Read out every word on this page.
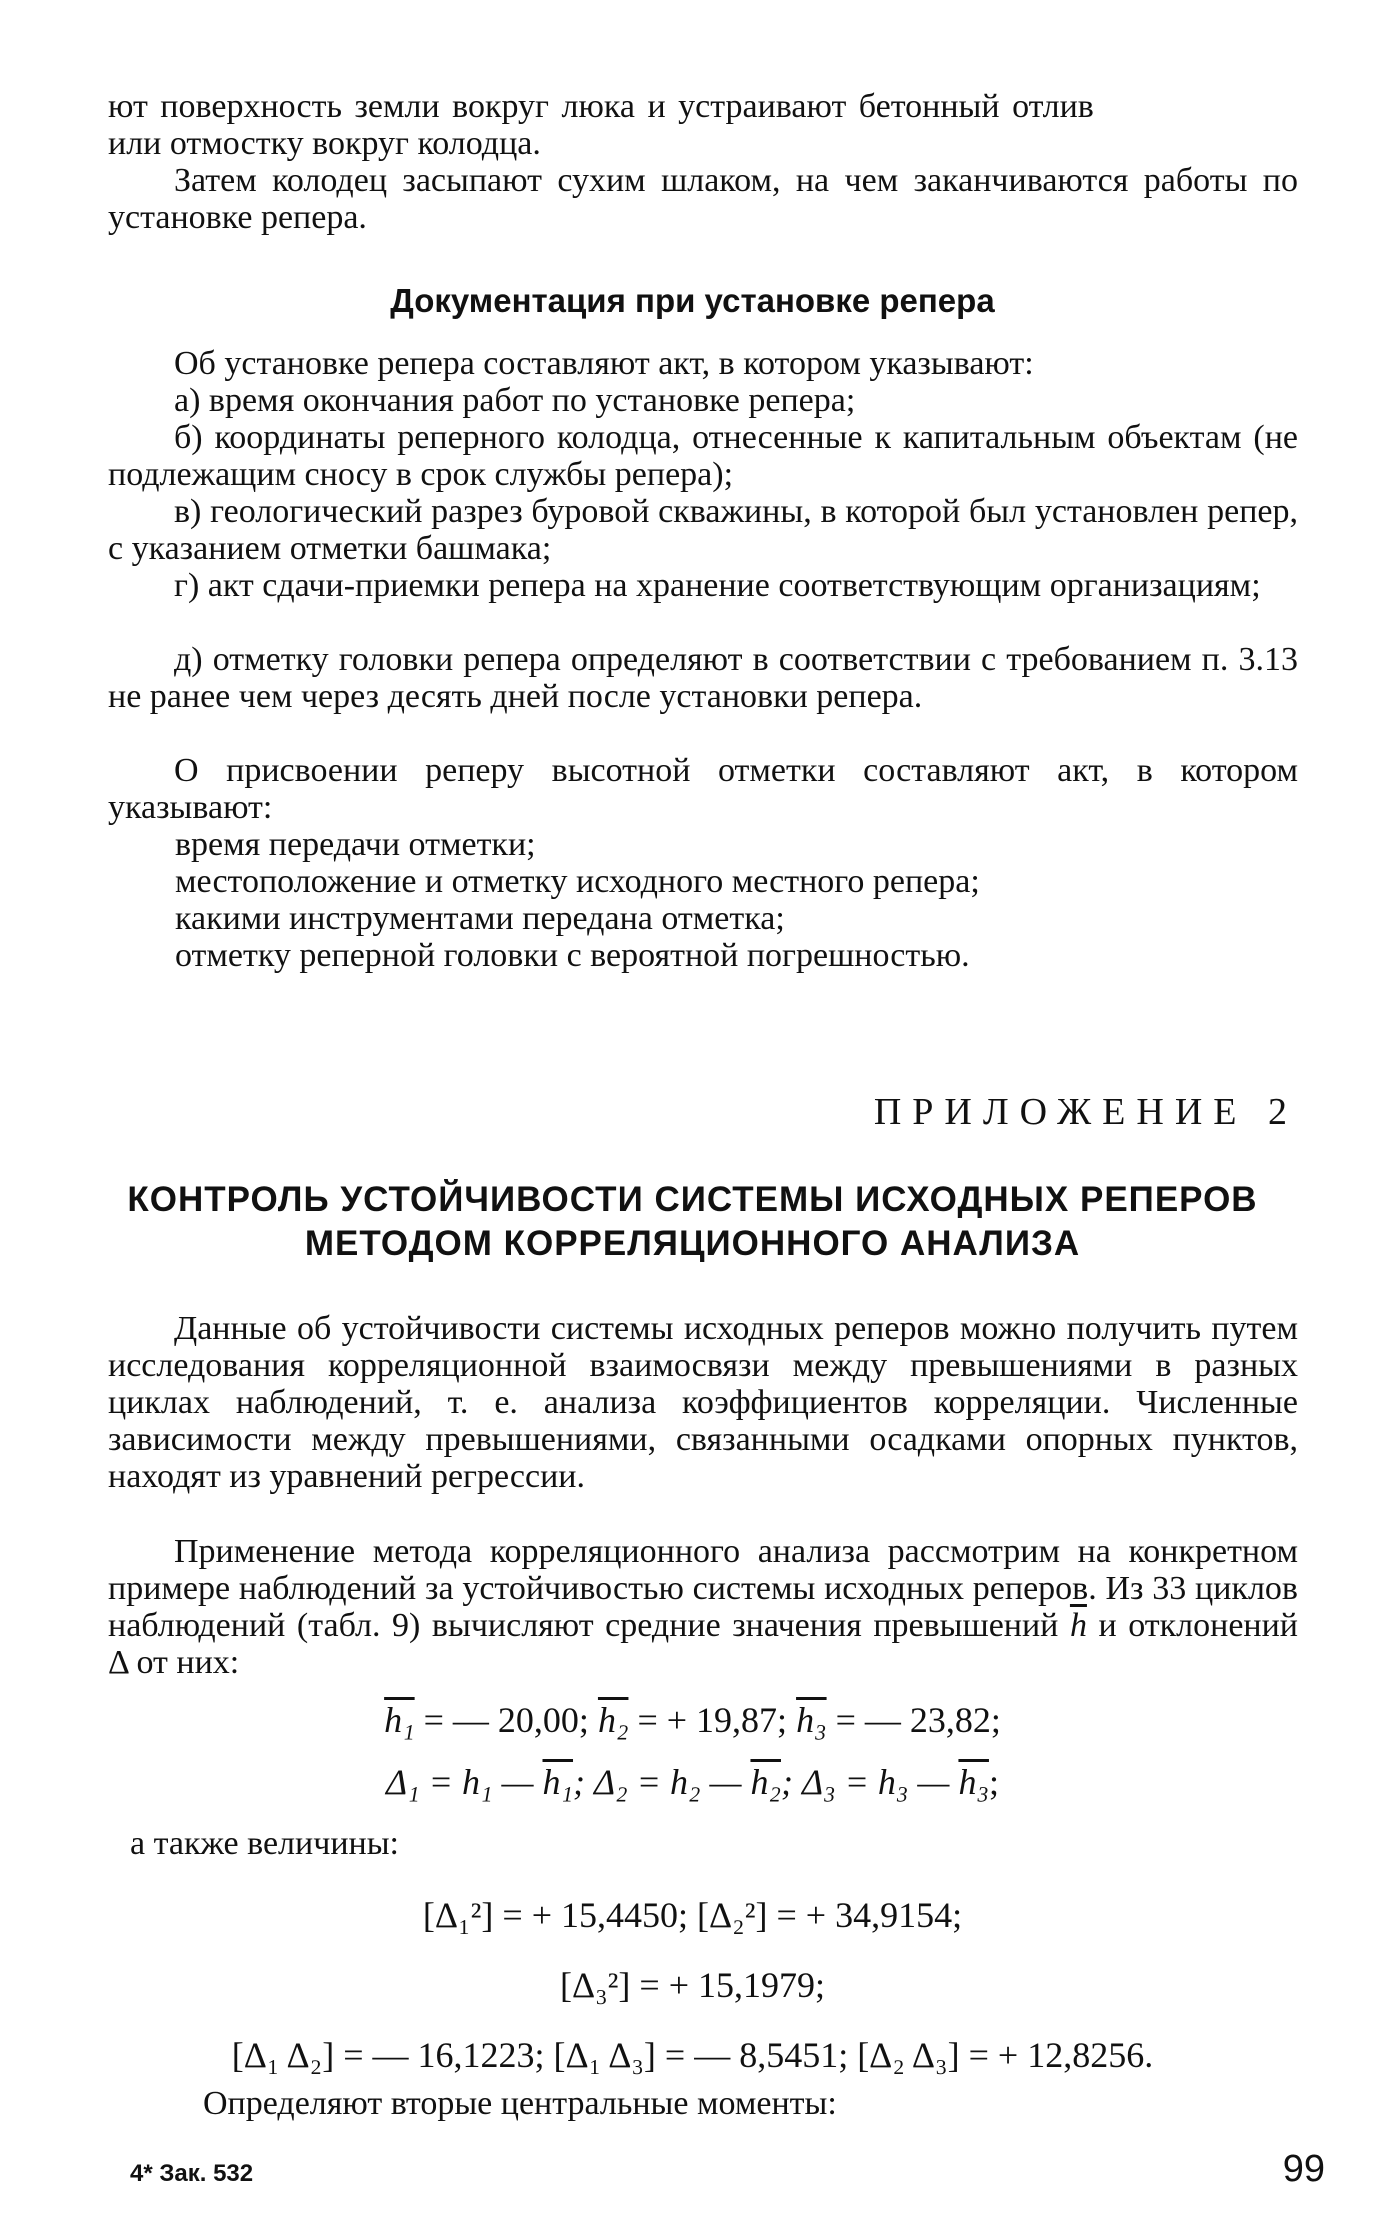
ют поверхность земли вокруг люка и устраивают бетонный отлив

или отмостку вокруг колодца.

Затем колодец засыпают сухим шлаком, на чем заканчиваются работы по установке репера.

Документация при установке репера

Об установке репера составляют акт, в котором указывают:

а) время окончания работ по установке репера;

б) координаты реперного колодца, отнесенные к капитальным объектам (не подлежащим сносу в срок службы репера);

в) геологический разрез буровой скважины, в которой был установлен репер, с указанием отметки башмака;

г) акт сдачи-приемки репера на хранение соответствующим организациям;

д) отметку головки репера определяют в соответствии с требованием п. 3.13 не ранее чем через десять дней после установки репера.

О присвоении реперу высотной отметки составляют акт, в котором указывают:

время передачи отметки;

местоположение и отметку исходного местного репера;

какими инструментами передана отметка;

отметку реперной головки с вероятной погрешностью.

ПРИЛОЖЕНИЕ 2

КОНТРОЛЬ УСТОЙЧИВОСТИ СИСТЕМЫ ИСХОДНЫХ РЕПЕРОВ
МЕТОДОМ КОРРЕЛЯЦИОННОГО АНАЛИЗА

Данные об устойчивости системы исходных реперов можно получить путем исследования корреляционной взаимосвязи между превышениями в разных циклах наблюдений, т. е. анализа коэффициентов корреляции. Численные зависимости между превышениями, связанными осадками опорных пунктов, находят из уравнений регрессии.

Применение метода корреляционного анализа рассмотрим на конкретном примере наблюдений за устойчивостью системы исходных реперов. Из 33 циклов наблюдений (табл. 9) вычисляют средние значения превышений $\overline{h}$ и отклонений Δ от них:

h₁ = — 20,00; h₂ = + 19,87; h₃ = — 23,82;

Δ₁ = h₁ — h₁; Δ₂ = h₂ — h₂; Δ₃ = h₃ — h₃;

а также величины:

[Δ₁²] = + 15,4450; [Δ₂²] = + 34,9154;

[Δ₃²] = + 15,1979;

[Δ₁ Δ₂] = — 16,1223; [Δ₁ Δ₃] = — 8,5451; [Δ₂ Δ₃] = + 12,8256.

Определяют вторые центральные моменты:

4* Зак. 532	99
